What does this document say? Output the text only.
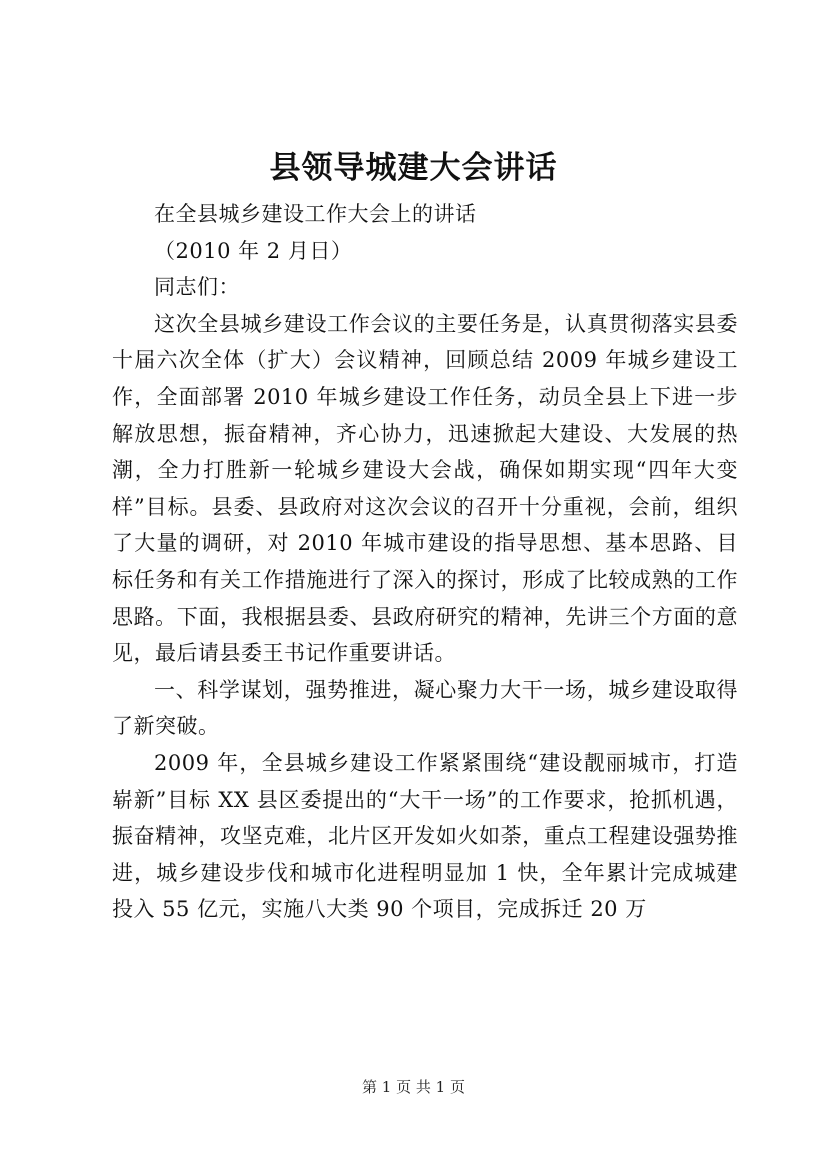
县领导城建大会讲话

在全县城乡建设工作大会上的讲话

（2010 年 2 月日）

同志们：

这次全县城乡建设工作会议的主要任务是，认真贯彻落实县委十届六次全体（扩大）会议精神，回顾总结 2009 年城乡建设工作，全面部署 2010 年城乡建设工作任务，动员全县上下进一步解放思想，振奋精神，齐心协力，迅速掀起大建设、大发展的热潮，全力打胜新一轮城乡建设大会战，确保如期实现“四年大变样”目标。县委、县政府对这次会议的召开十分重视，会前，组织了大量的调研，对 2010 年城市建设的指导思想、基本思路、目标任务和有关工作措施进行了深入的探讨，形成了比较成熟的工作思路。下面，我根据县委、县政府研究的精神，先讲三个方面的意见，最后请县委王书记作重要讲话。

一、科学谋划，强势推进，凝心聚力大干一场，城乡建设取得了新突破。

2009 年，全县城乡建设工作紧紧围绕“建设靓丽城市，打造崭新”目标 XX 县区委提出的“大干一场”的工作要求，抢抓机遇，振奋精神，攻坚克难，北片区开发如火如荼，重点工程建设强势推进，城乡建设步伐和城市化进程明显加 1 快，全年累计完成城建投入 55 亿元，实施八大类 90 个项目，完成拆迁 20 万

第 1 页 共 1 页
